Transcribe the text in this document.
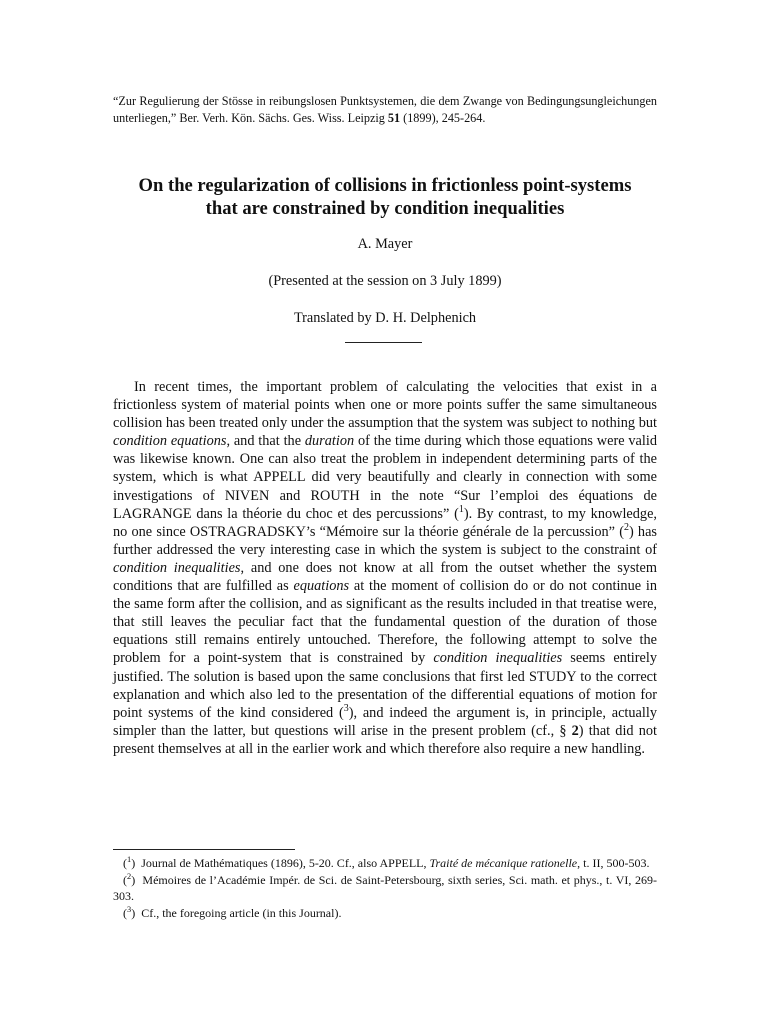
“Zur Regulierung der Stösse in reibungslosen Punktsystemen, die dem Zwange von Bedingungsungleichungen unterliegen,” Ber. Verh. Kön. Sächs. Ges. Wiss. Leipzig 51 (1899), 245-264.
On the regularization of collisions in frictionless point-systems
that are constrained by condition inequalities
A. Mayer
(Presented at the session on 3 July 1899)
Translated by D. H. Delphenich

In recent times, the important problem of calculating the velocities that exist in a frictionless system of material points when one or more points suffer the same simultaneous collision has been treated only under the assumption that the system was subject to nothing but condition equations, and that the duration of the time during which those equations were valid was likewise known. One can also treat the problem in independent determining parts of the system, which is what APPELL did very beautifully and clearly in connection with some investigations of NIVEN and ROUTH in the note “Sur l’emploi des équations de LAGRANGE dans la théorie du choc et des percussions” ($^1$). By contrast, to my knowledge, no one since OSTRAGRADSKY’s “Mémoire sur la théorie générale de la percussion” ($^2$) has further addressed the very interesting case in which the system is subject to the constraint of condition inequalities, and one does not know at all from the outset whether the system conditions that are fulfilled as equations at the moment of collision do or do not continue in the same form after the collision, and as significant as the results included in that treatise were, that still leaves the peculiar fact that the fundamental question of the duration of those equations still remains entirely untouched. Therefore, the following attempt to solve the problem for a point-system that is constrained by condition inequalities seems entirely justified. The solution is based upon the same conclusions that first led STUDY to the correct explanation and which also led to the presentation of the differential equations of motion for point systems of the kind considered ($^3$), and indeed the argument is, in principle, actually simpler than the latter, but questions will arise in the present problem (cf., § 2) that did not present themselves at all in the earlier work and which therefore also require a new handling.

($^1$)  Journal de Mathématiques (1896), 5-20. Cf., also APPELL, Traité de mécanique rationelle, t. II, 500-503.

($^2$)  Mémoires de l’Académie Impér. de Sci. de Saint-Petersbourg, sixth series, Sci. math. et phys., t. VI, 269-303.

($^3$)  Cf., the foregoing article (in this Journal).
